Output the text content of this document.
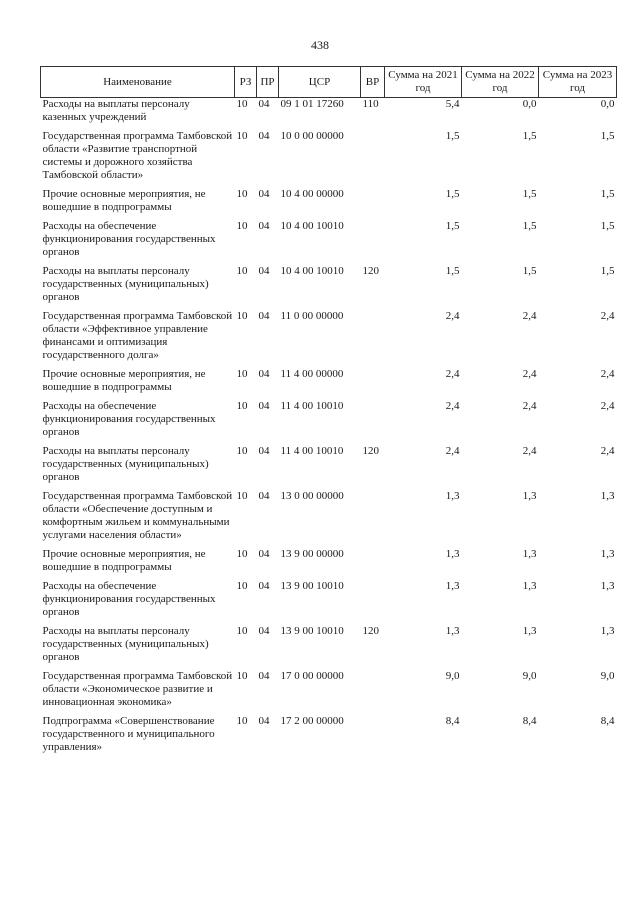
438
Наименование	РЗ	ПР	ЦСР	ВР	Сумма на 2021 год	Сумма на 2022 год	Сумма на 2023 год
Расходы на выплаты персоналу казенных учреждений	10	04	09 1 01 17260	110	5,4	0,0	0,0
Государственная программа Тамбовской области «Развитие транспортной системы и дорожного хозяйства Тамбовской области»	10	04	10 0 00 00000		1,5	1,5	1,5
Прочие основные мероприятия, не вошедшие в подпрограммы	10	04	10 4 00 00000		1,5	1,5	1,5
Расходы на обеспечение функционирования государственных органов	10	04	10 4 00 10010		1,5	1,5	1,5
Расходы на выплаты персоналу государственных (муниципальных) органов	10	04	10 4 00 10010	120	1,5	1,5	1,5
Государственная программа Тамбовской области «Эффективное управление финансами и оптимизация государственного долга»	10	04	11 0 00 00000		2,4	2,4	2,4
Прочие основные мероприятия, не вошедшие в подпрограммы	10	04	11 4 00 00000		2,4	2,4	2,4
Расходы на обеспечение функционирования государственных органов	10	04	11 4 00 10010		2,4	2,4	2,4
Расходы на выплаты персоналу государственных (муниципальных) органов	10	04	11 4 00 10010	120	2,4	2,4	2,4
Государственная программа Тамбовской области «Обеспечение доступным и комфортным жильем и коммунальными услугами населения области»	10	04	13 0 00 00000		1,3	1,3	1,3
Прочие основные мероприятия, не вошедшие в подпрограммы	10	04	13 9 00 00000		1,3	1,3	1,3
Расходы на обеспечение функционирования государственных органов	10	04	13 9 00 10010		1,3	1,3	1,3
Расходы на выплаты персоналу государственных (муниципальных) органов	10	04	13 9 00 10010	120	1,3	1,3	1,3
Государственная программа Тамбовской области «Экономическое развитие и инновационная экономика»	10	04	17 0 00 00000		9,0	9,0	9,0
Подпрограмма «Совершенствование государственного и муниципального управления»	10	04	17 2 00 00000		8,4	8,4	8,4
